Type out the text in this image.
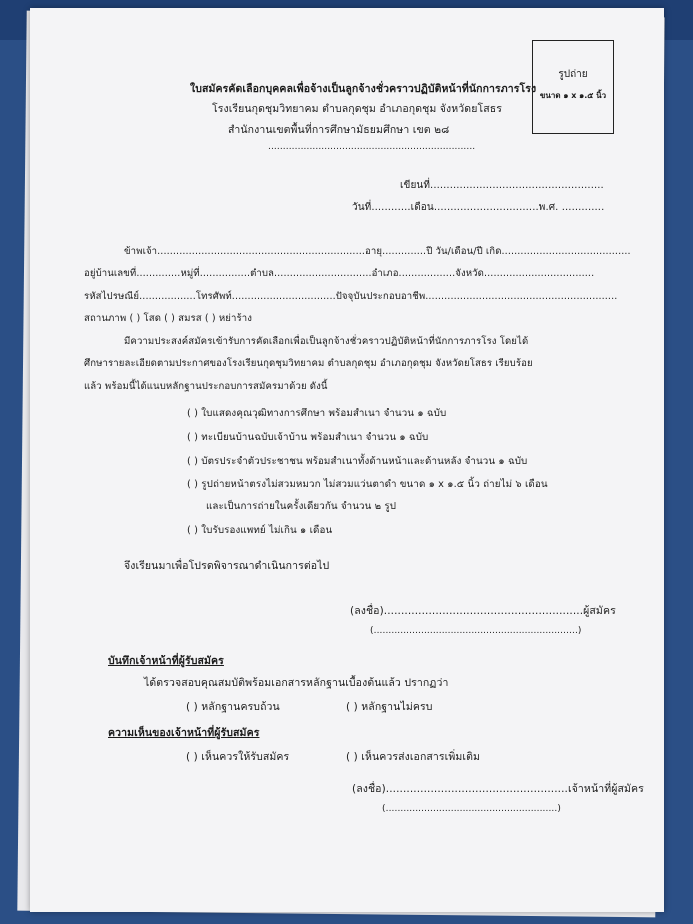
รูปถ่าย
ขนาด ๑ x ๑.๕ นิ้ว
ใบสมัครคัดเลือกบุคคลเพื่อจ้างเป็นลูกจ้างชั่วคราวปฏิบัติหน้าที่นักการภารโรง
โรงเรียนกุดชุมวิทยาคม ตำบลกุดชุม อำเภอกุดชุม จังหวัดยโสธร
สำนักงานเขตพื้นที่การศึกษามัธยมศึกษา เขต ๒๘
......................................................................
เขียนที่.....................................................
วันที่............เดือน................................พ.ศ. .............
ข้าพเจ้า..................................................................อายุ..............ปี วัน/เดือน/ปี เกิด.........................................
อยู่บ้านเลขที่..............หมู่ที่................ตำบล...............................อำเภอ..................จังหวัด...................................
รหัสไปรษณีย์..................โทรศัพท์.................................ปัจจุบันประกอบอาชีพ.............................................................
สถานภาพ ( ) โสด ( ) สมรส ( ) หย่าร้าง
มีความประสงค์สมัครเข้ารับการคัดเลือกเพื่อเป็นลูกจ้างชั่วคราวปฏิบัติหน้าที่นักการภารโรง โดยได้
ศึกษารายละเอียดตามประกาศของโรงเรียนกุดชุมวิทยาคม ตำบลกุดชุม อำเภอกุดชุม จังหวัดยโสธร เรียบร้อย
แล้ว พร้อมนี้ได้แนบหลักฐานประกอบการสมัครมาด้วย ดังนี้
( ) ใบแสดงคุณวุฒิทางการศึกษา พร้อมสำเนา จำนวน ๑ ฉบับ
( ) ทะเบียนบ้านฉบับเจ้าบ้าน พร้อมสำเนา จำนวน ๑ ฉบับ
( ) บัตรประจำตัวประชาชน พร้อมสำเนาทั้งด้านหน้าและด้านหลัง จำนวน ๑ ฉบับ
( ) รูปถ่ายหน้าตรงไม่สวมหมวก ไม่สวมแว่นตาดำ ขนาด ๑ x ๑.๕ นิ้ว ถ่ายไม่ ๖ เดือน
และเป็นการถ่ายในครั้งเดียวกัน จำนวน ๒ รูป
( ) ใบรับรองแพทย์ ไม่เกิน ๑ เดือน
จึงเรียนมาเพื่อโปรดพิจารณาดำเนินการต่อไป
(ลงชื่อ)..........................................................ผู้สมัคร
(.....................................................................)
บันทึกเจ้าหน้าที่ผู้รับสมัคร
ได้ตรวจสอบคุณสมบัติพร้อมเอกสารหลักฐานเบื้องต้นแล้ว ปรากฏว่า
( ) หลักฐานครบถ้วน	( ) หลักฐานไม่ครบ
ความเห็นของเจ้าหน้าที่ผู้รับสมัคร
( ) เห็นควรให้รับสมัคร	( ) เห็นควรส่งเอกสารเพิ่มเติม
(ลงชื่อ).....................................................เจ้าหน้าที่ผู้สมัคร
(..........................................................)
